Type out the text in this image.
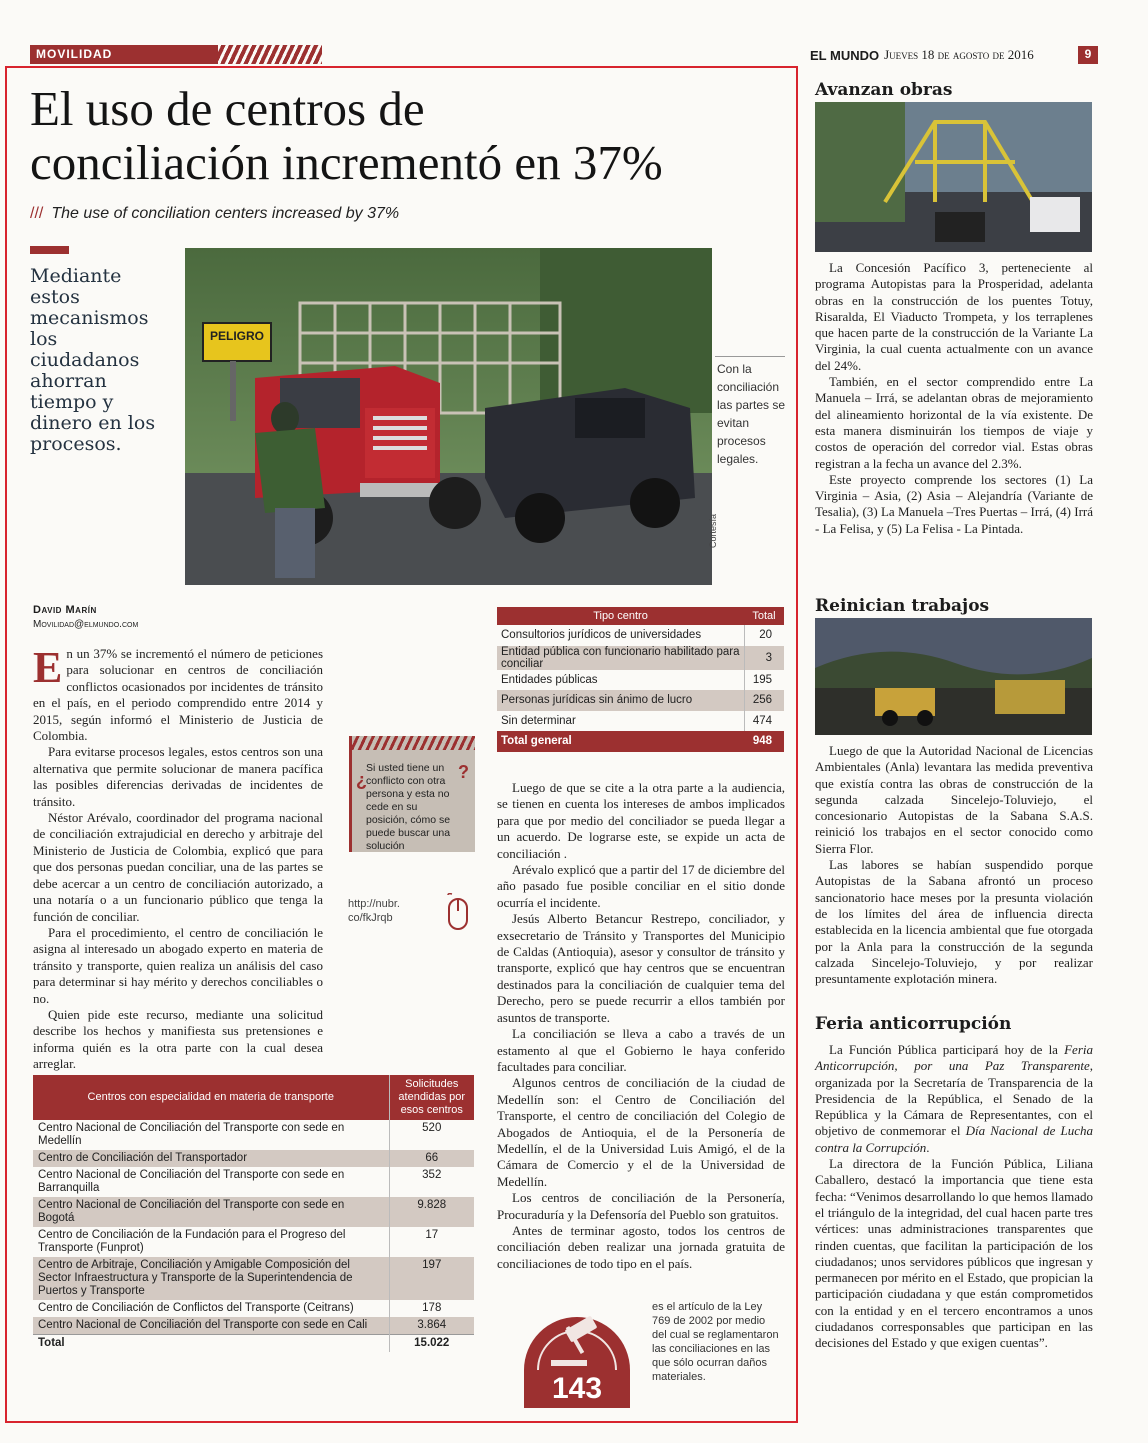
MOVILIDAD	EL MUNDO Jueves 18 de agosto de 2016	9
El uso de centros de
conciliación incrementó en 37%
/// The use of conciliation centers increased by 37%
Mediante estos mecanismos los ciudadanos ahorran tiempo y dinero en los procesos.
PELIGRO
Cortesía
Con la conciliación las partes se evitan procesos legales.
David Marín
Movilidad@elmundo.com

En un 37% se incrementó el número de peticiones para solucionar en centros de conciliación conflictos ocasionados por incidentes de tránsito en el país, en el periodo comprendido entre 2014 y 2015, según informó el Ministerio de Justicia de Colombia.

Para evitarse procesos legales, estos centros son una alternativa que permite solucionar de manera pacífica las posibles diferencias derivadas de incidentes de tránsito.

Néstor Arévalo, coordinador del programa nacional de conciliación extrajudicial en derecho y arbitraje del Ministerio de Justicia de Colombia, explicó que para que dos personas puedan conciliar, una de las partes se debe acercar a un centro de conciliación autorizado, a una notaría o a un funcionario público que tenga la función de conciliar.

Para el procedimiento, el centro de conciliación le asigna al interesado un abogado experto en materia de tránsito y transporte, quien realiza un análisis del caso para determinar si hay mérito y derechos conciliables o no.

Quien pide este recurso, mediante una solicitud describe los hechos y manifiesta sus pretensiones e informa quién es la otra parte con la cual desea arreglar.

¿	?
Si usted tiene un conflicto con otra persona y esta no cede en su posición, cómo se puede buscar una solución
http://nubr.
co/fkJrqb
Tipo centro	Total
Consultorios jurídicos de universidades	20
Entidad pública con funcionario habilitado para conciliar	3
Entidades públicas	195
Personas jurídicas sin ánimo de lucro	256
Sin determinar	474
Total general	948

Luego de que se cite a la otra parte a la audiencia, se tienen en cuenta los intereses de ambos implicados para que por medio del conciliador se pueda llegar a un acuerdo. De lograrse este, se expide un acta de conciliación .

Arévalo explicó que a partir del 17 de diciembre del año pasado fue posible conciliar en el sitio donde ocurría el incidente.

Jesús Alberto Betancur Restrepo, conciliador, y exsecretario de Tránsito y Transportes del Municipio de Caldas (Antioquia), asesor y consultor de tránsito y transporte, explicó que hay centros que se encuentran destinados para la conciliación de cualquier tema del Derecho, pero se puede recurrir a ellos también por asuntos de transporte.

La conciliación se lleva a cabo a través de un estamento al que el Gobierno le haya conferido facultades para conciliar.

Algunos centros de conciliación de la ciudad de Medellín son: el Centro de Conciliación del Transporte, el centro de conciliación del Colegio de Abogados de Antioquia, el de la Personería de Medellín, el de la Universidad Luis Amigó, el de la Cámara de Comercio y el de la Universidad de Medellín.

Los centros de conciliación de la Personería, Procuraduría y la Defensoría del Pueblo son gratuitos.

Antes de terminar agosto, todos los centros de conciliación deben realizar una jornada gratuita de conciliaciones de todo tipo en el país.

Centros con especialidad en materia de transporte	Solicitudes atendidas por esos centros
Centro Nacional de Conciliación del Transporte con sede en Medellín	520
Centro de Conciliación del Transportador	66
Centro Nacional de Conciliación del Transporte con sede en Barranquilla	352
Centro Nacional de Conciliación del Transporte con sede en Bogotá	9.828
Centro de Conciliación de la Fundación para el Progreso del Transporte (Funprot)	17
Centro de Arbitraje, Conciliación y Amigable Composición del Sector Infraestructura y Transporte de la Superintendencia de Puertos y Transporte	197
Centro de Conciliación de Conflictos del Transporte (Ceitrans)	178
Centro Nacional de Conciliación del Transporte con sede en Cali	3.864
Total	15.022
143
es el artículo de la Ley 769 de 2002 por medio del cual se reglamentaron las conciliaciones en las que sólo ocurran daños materiales.
Avanzan obras

La Concesión Pacífico 3, perteneciente al programa Autopistas para la Prosperidad, adelanta obras en la construcción de los puentes Totuy, Risaralda, El Viaducto Trompeta, y los terraplenes que hacen parte de la construcción de la Variante La Virginia, la cual cuenta actualmente con un avance del 24%.

También, en el sector comprendido entre La Manuela – Irrá, se adelantan obras de mejoramiento del alineamiento horizontal de la vía existente. De esta manera disminuirán los tiempos de viaje y costos de operación del corredor vial. Estas obras registran a la fecha un avance del 2.3%.

Este proyecto comprende los sectores (1) La Virginia – Asia, (2) Asia – Alejandría (Variante de Tesalia), (3) La Manuela –Tres Puertas – Irrá, (4) Irrá - La Felisa, y (5) La Felisa - La Pintada.

Reinician trabajos

Luego de que la Autoridad Nacional de Licencias Ambientales (Anla) levantara las medida preventiva que existía contra las obras de construcción de la segunda calzada Sincelejo-Toluviejo, el concesionario Autopistas de la Sabana S.A.S. reinició los trabajos en el sector conocido como Sierra Flor.

Las labores se habían suspendido porque Autopistas de la Sabana afrontó un proceso sancionatorio hace meses por la presunta violación de los límites del área de influencia directa establecida en la licencia ambiental que fue otorgada por la Anla para la construcción de la segunda calzada Sincelejo-Toluviejo, y por realizar presuntamente explotación minera.

Feria anticorrupción

La Función Pública participará hoy de la Feria Anticorrupción, por una Paz Transparente, organizada por la Secretaría de Transparencia de la Presidencia de la República, el Senado de la República y la Cámara de Representantes, con el objetivo de conmemorar el Día Nacional de Lucha contra la Corrupción.

La directora de la Función Pública, Liliana Caballero, destacó la importancia que tiene esta fecha: “Venimos desarrollando lo que hemos llamado el triángulo de la integridad, del cual hacen parte tres vértices: unas administraciones transparentes que rinden cuentas, que facilitan la participación de los ciudadanos; unos servidores públicos que ingresan y permanecen por mérito en el Estado, que propician la participación ciudadana y que están comprometidos con la entidad y en el tercero encontramos a unos ciudadanos corresponsables que participan en las decisiones del Estado y que exigen cuentas”.
